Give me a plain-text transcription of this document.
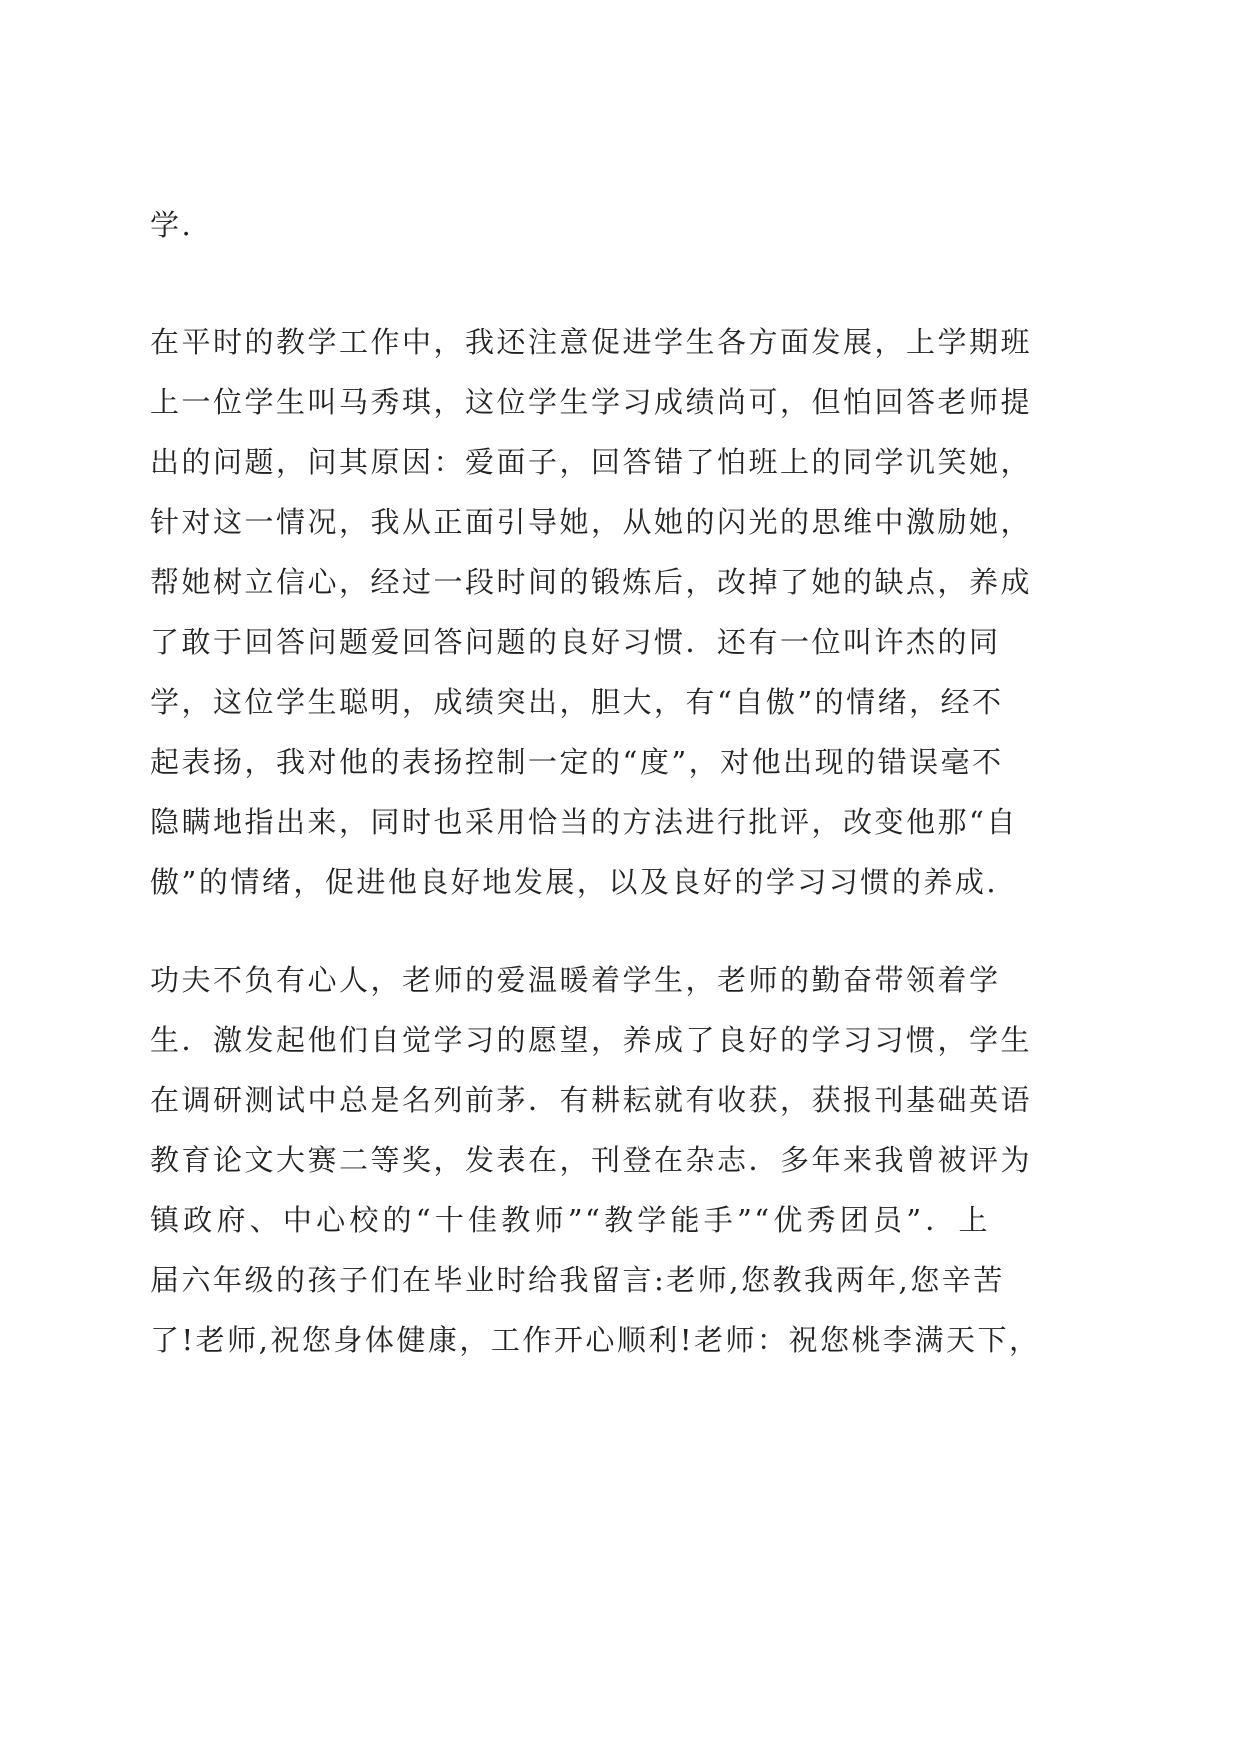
学.
在平时的教学工作中，我还注意促进学生各方面发展，上学期班
上一位学生叫马秀琪，这位学生学习成绩尚可，但怕回答老师提
出的问题，问其原因：爱面子，回答错了怕班上的同学讥笑她，
针对这一情况，我从正面引导她，从她的闪光的思维中激励她，
帮她树立信心，经过一段时间的锻炼后，改掉了她的缺点，养成
了敢于回答问题爱回答问题的良好习惯．还有一位叫许杰的同
学，这位学生聪明，成绩突出，胆大，有“自傲”的情绪，经不
起表扬，我对他的表扬控制一定的“度”，对他出现的错误毫不
隐瞒地指出来，同时也采用恰当的方法进行批评，改变他那“自
傲”的情绪，促进他良好地发展，以及良好的学习习惯的养成.
功夫不负有心人，老师的爱温暖着学生，老师的勤奋带领着学
生．激发起他们自觉学习的愿望，养成了良好的学习习惯，学生
在调研测试中总是名列前茅．有耕耘就有收获，获报刊基础英语
教育论文大赛二等奖，发表在，刊登在杂志．多年来我曾被评为
镇政府、中心校的“十佳教师”“教学能手”“优秀团员”．上
届六年级的孩子们在毕业时给我留言:老师,您教我两年,您辛苦
了!老师,祝您身体健康，工作开心顺利!老师：祝您桃李满天下，
